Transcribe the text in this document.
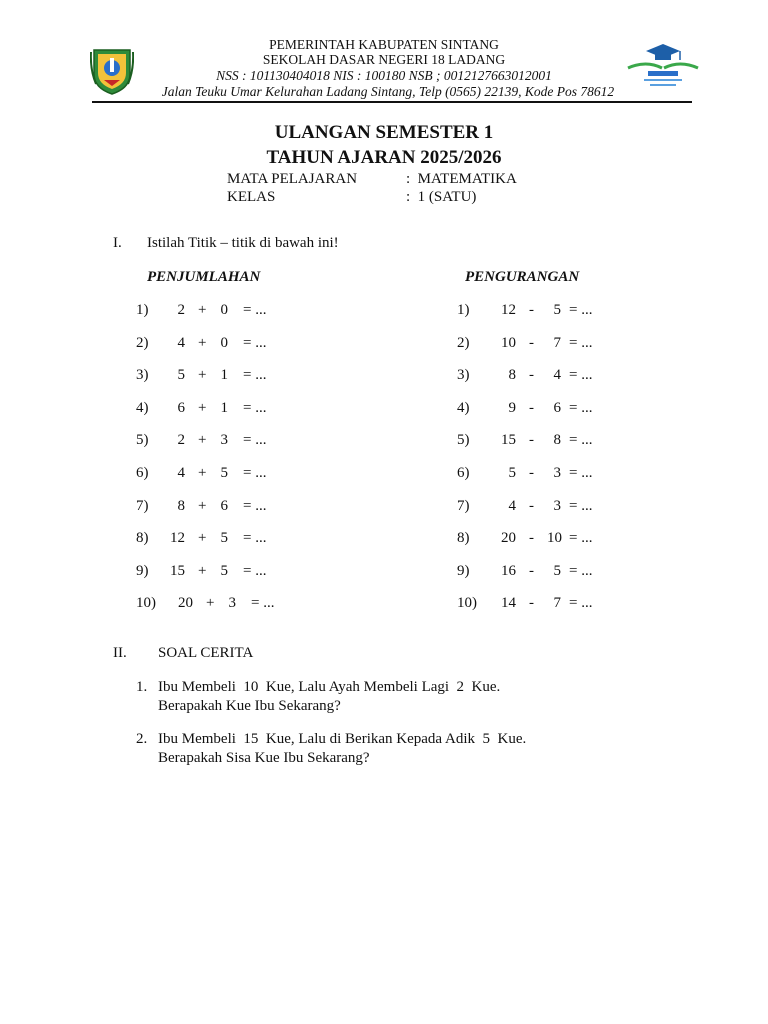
PEMERINTAH KABUPATEN SINTANG
SEKOLAH DASAR NEGERI 18 LADANG
NSS : 101130404018 NIS : 100180 NSB ; 0012127663012001
Jalan Teuku Umar Kelurahan Ladang Sintang, Telp (0565) 22139, Kode Pos 78612
ULANGAN SEMESTER 1
TAHUN AJARAN 2025/2026
MATA PELAJARAN	:  MATEMATIKA
KELAS	:  1 (SATU)
I. Istilah Titik – titik di bawah ini!
PENJUMLAHAN	PENGURANGAN
1)	2 + 0 = ...
2)	4 + 0 = ...
3)	5 + 1 = ...
4)	6 + 1 = ...
5)	2 + 3 = ...
6)	4 + 5 = ...
7)	8 + 6 = ...
8)	12 + 5 = ...
9)	15 + 5 = ...
10)	20 + 3 = ...
1)	12 -	5 = ...
2)	10 -	7 = ...
3)	8 -	4 = ...
4)	9 -	6 = ...
5)	15 -	8 = ...
6)	5 -	3 = ...
7)	4 -	3 = ...
8)	20 - 10 = ...
9)	16 -	5 = ...
10)	14 -	7 = ...
II. SOAL CERITA
1. Ibu Membeli  10  Kue, Lalu Ayah Membeli Lagi  2  Kue.
Berapakah Kue Ibu Sekarang?
2. Ibu Membeli  15  Kue, Lalu di Berikan Kepada Adik  5  Kue.
Berapakah Sisa Kue Ibu Sekarang?
